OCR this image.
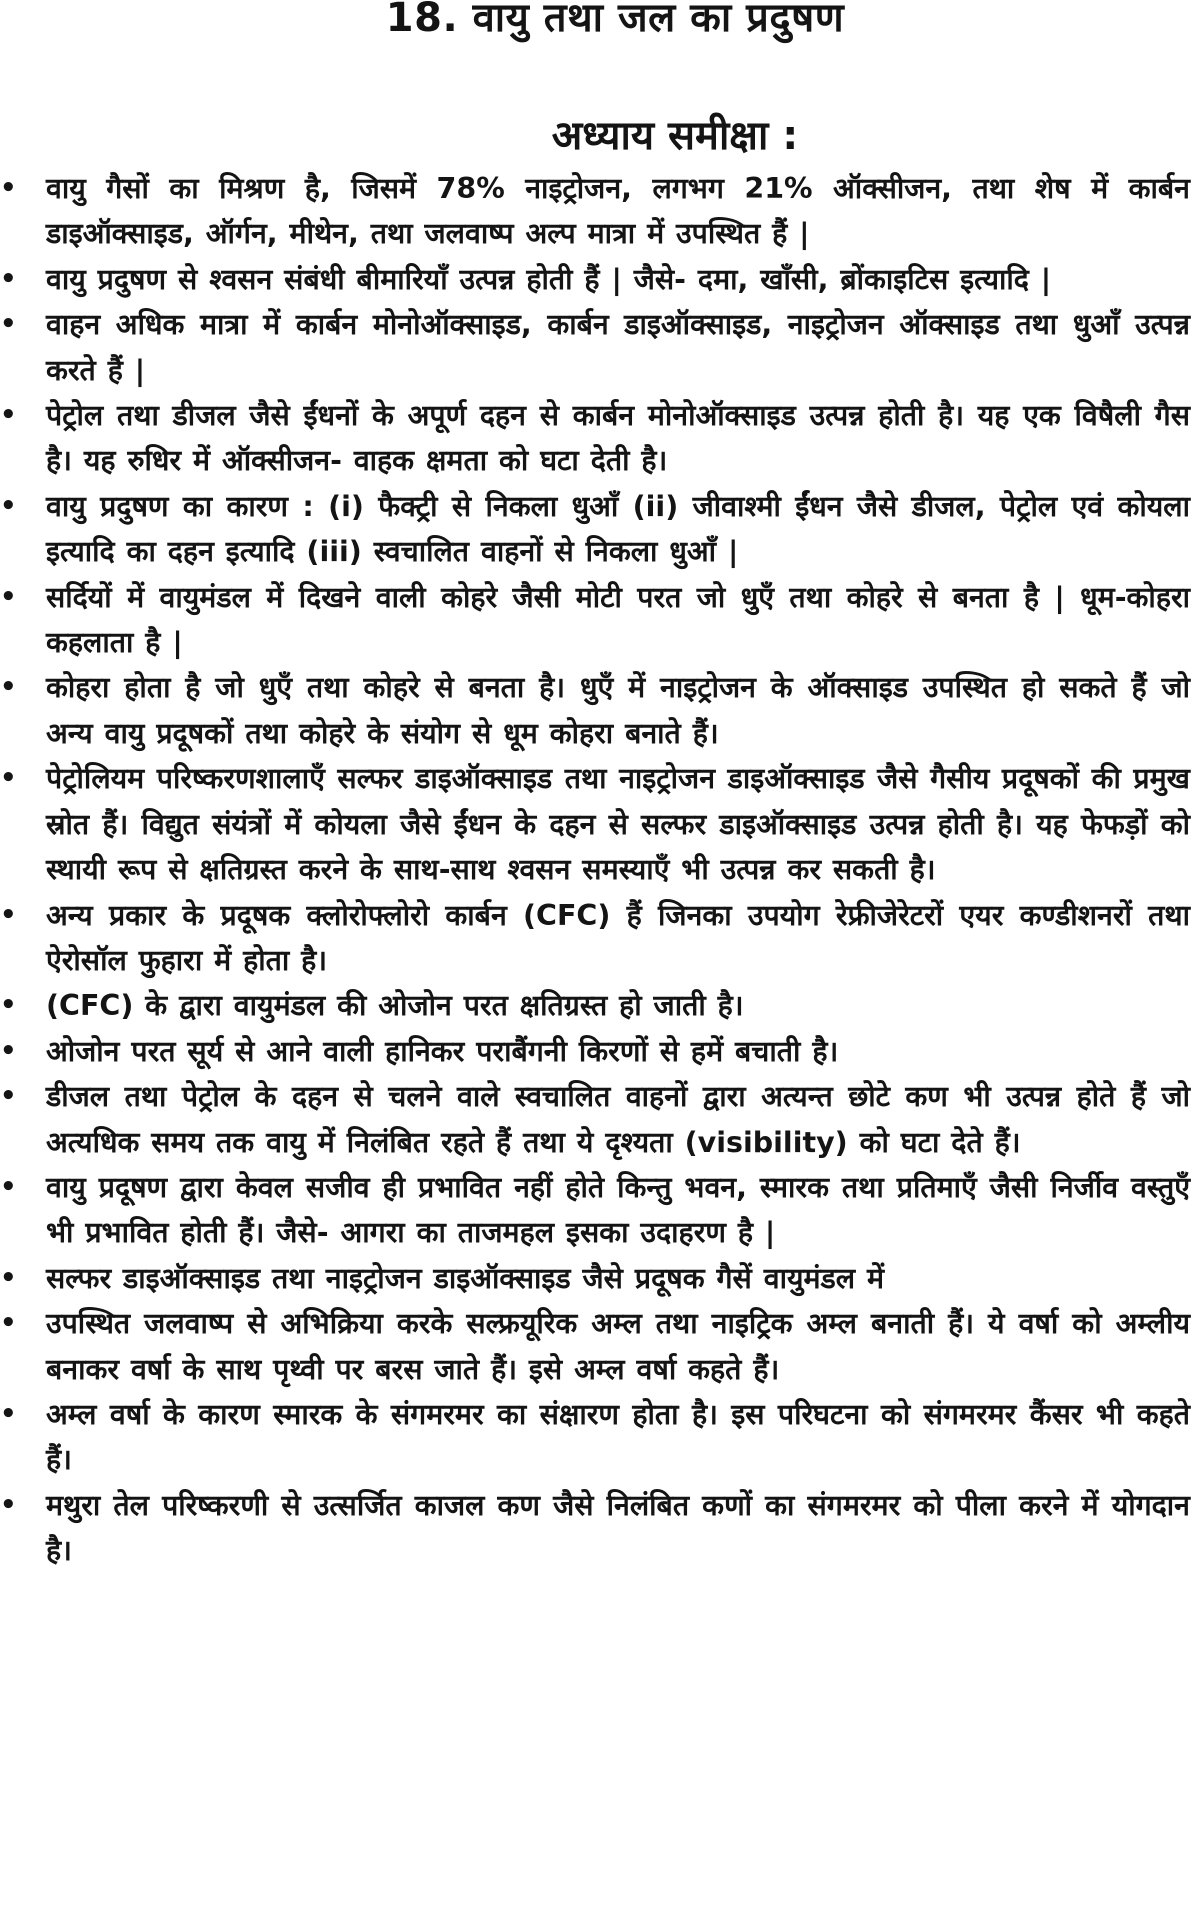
18. वायु तथा जल का प्रदुषण
अध्याय समीक्षा :
• वायु गैसों का मिश्रण है, जिसमें 78% नाइट्रोजन, लगभग 21% ऑक्सीजन, तथा शेष में कार्बन डाइऑक्साइड, ऑर्गन, मीथेन, तथा जलवाष्प अल्प मात्रा में उपस्थित हैं |
• वायु प्रदुषण से श्वसन संबंधी बीमारियाँ उत्पन्न होती हैं | जैसे- दमा, खाँसी, ब्रोंकाइटिस इत्यादि |
• वाहन अधिक मात्रा में कार्बन मोनोऑक्साइड, कार्बन डाइऑक्साइड, नाइट्रोजन ऑक्साइड तथा धुआँ उत्पन्न करते हैं |
• पेट्रोल तथा डीजल जैसे ईंधनों के अपूर्ण दहन से कार्बन मोनोऑक्साइड उत्पन्न होती है। यह एक विषैली गैस है। यह रुधिर में ऑक्सीजन- वाहक क्षमता को घटा देती है।
• वायु प्रदुषण का कारण : (i) फैक्ट्री से निकला धुआँ (ii) जीवाश्मी ईंधन जैसे डीजल, पेट्रोल एवं कोयला इत्यादि का दहन इत्यादि (iii) स्वचालित वाहनों से निकला धुआँ |
• सर्दियों में वायुमंडल में दिखने वाली कोहरे जैसी मोटी परत जो धुएँ तथा कोहरे से बनता है | धूम-कोहरा कहलाता है |
• कोहरा होता है जो धुएँ तथा कोहरे से बनता है। धुएँ में नाइट्रोजन के ऑक्साइड उपस्थित हो सकते हैं जो अन्य वायु प्रदूषकों तथा कोहरे के संयोग से धूम कोहरा बनाते हैं।
• पेट्रोलियम परिष्करणशालाएँ सल्फर डाइऑक्साइड तथा नाइट्रोजन डाइऑक्साइड जैसे गैसीय प्रदूषकों की प्रमुख स्रोत हैं। विद्युत संयंत्रों में कोयला जैसे ईंधन के दहन से सल्फर डाइऑक्साइड उत्पन्न होती है। यह फेफड़ों को स्थायी रूप से क्षतिग्रस्त करने के साथ-साथ श्वसन समस्याएँ भी उत्पन्न कर सकती है।
• अन्य प्रकार के प्रदूषक क्लोरोफ्लोरो कार्बन (CFC) हैं जिनका उपयोग रेफ्रीजेरेटरों एयर कण्डीशनरों तथा ऐरोसॉल फुहारा में होता है।
• (CFC) के द्वारा वायुमंडल की ओजोन परत क्षतिग्रस्त हो जाती है।
• ओजोन परत सूर्य से आने वाली हानिकर पराबैंगनी किरणों से हमें बचाती है।
• डीजल तथा पेट्रोल के दहन से चलने वाले स्वचालित वाहनों द्वारा अत्यन्त छोटे कण भी उत्पन्न होते हैं जो अत्यधिक समय तक वायु में निलंबित रहते हैं तथा ये दृश्यता (visibility) को घटा देते हैं।
• वायु प्रदूषण द्वारा केवल सजीव ही प्रभावित नहीं होते किन्तु भवन, स्मारक तथा प्रतिमाएँ जैसी निर्जीव वस्तुएँ भी प्रभावित होती हैं। जैसे- आगरा का ताजमहल इसका उदाहरण है |
• सल्फर डाइऑक्साइड तथा नाइट्रोजन डाइऑक्साइड जैसे प्रदूषक गैसें वायुमंडल में
• उपस्थित जलवाष्प से अभिक्रिया करके सल्फ्रयूरिक अम्ल तथा नाइट्रिक अम्ल बनाती हैं। ये वर्षा को अम्लीय बनाकर वर्षा के साथ पृथ्वी पर बरस जाते हैं। इसे अम्ल वर्षा कहते हैं।
• अम्ल वर्षा के कारण स्मारक के संगमरमर का संक्षारण होता है। इस परिघटना को संगमरमर कैंसर भी कहते हैं।
• मथुरा तेल परिष्करणी से उत्सर्जित काजल कण जैसे निलंबित कणों का संगमरमर को पीला करने में योगदान है।
